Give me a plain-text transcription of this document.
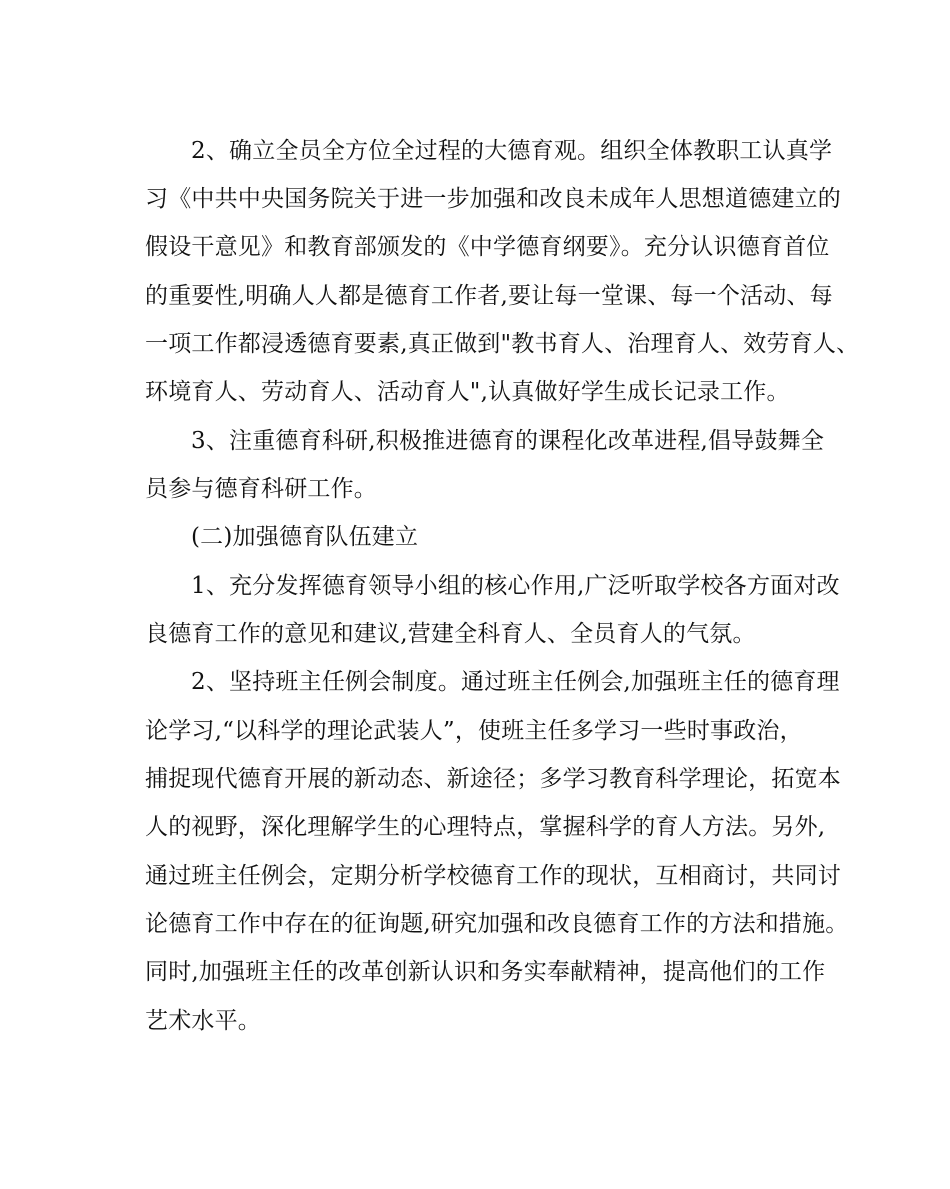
2、确立全员全方位全过程的大德育观。组织全体教职工认真学
习《中共中央国务院关于进一步加强和改良未成年人思想道德建立的
假设干意见》和教育部颁发的《中学德育纲要》。充分认识德育首位
的重要性,明确人人都是德育工作者,要让每一堂课、每一个活动、每
一项工作都浸透德育要素,真正做到"教书育人、治理育人、效劳育人、
环境育人、劳动育人、活动育人",认真做好学生成长记录工作。
3、注重德育科研,积极推进德育的课程化改革进程,倡导鼓舞全
员参与德育科研工作。
(二)加强德育队伍建立
1、充分发挥德育领导小组的核心作用,广泛听取学校各方面对改
良德育工作的意见和建议,营建全科育人、全员育人的气氛。
2、坚持班主任例会制度。通过班主任例会,加强班主任的德育理
论学习,“以科学的理论武装人”，使班主任多学习一些时事政治，
捕捉现代德育开展的新动态、新途径；多学习教育科学理论，拓宽本
人的视野，深化理解学生的心理特点，掌握科学的育人方法。另外,
通过班主任例会，定期分析学校德育工作的现状，互相商讨，共同讨
论德育工作中存在的征询题,研究加强和改良德育工作的方法和措施。
同时,加强班主任的改革创新认识和务实奉献精神，提高他们的工作
艺术水平。
